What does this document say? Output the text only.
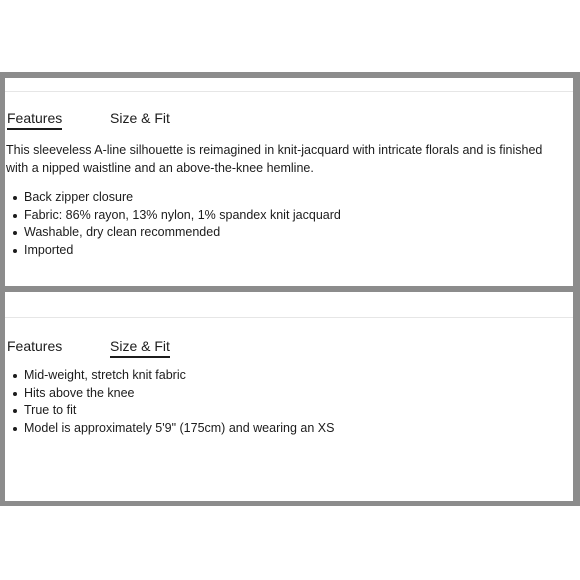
Features	Size & Fit

This sleeveless A-line silhouette is reimagined in knit-jacquard with intricate florals and is finished with a nipped waistline and an above-the-knee hemline.

Back zipper closure
Fabric: 86% rayon, 13% nylon, 1% spandex knit jacquard
Washable, dry clean recommended
Imported
Features	Size & Fit
Mid-weight, stretch knit fabric
Hits above the knee
True to fit
Model is approximately 5'9" (175cm) and wearing an XS
